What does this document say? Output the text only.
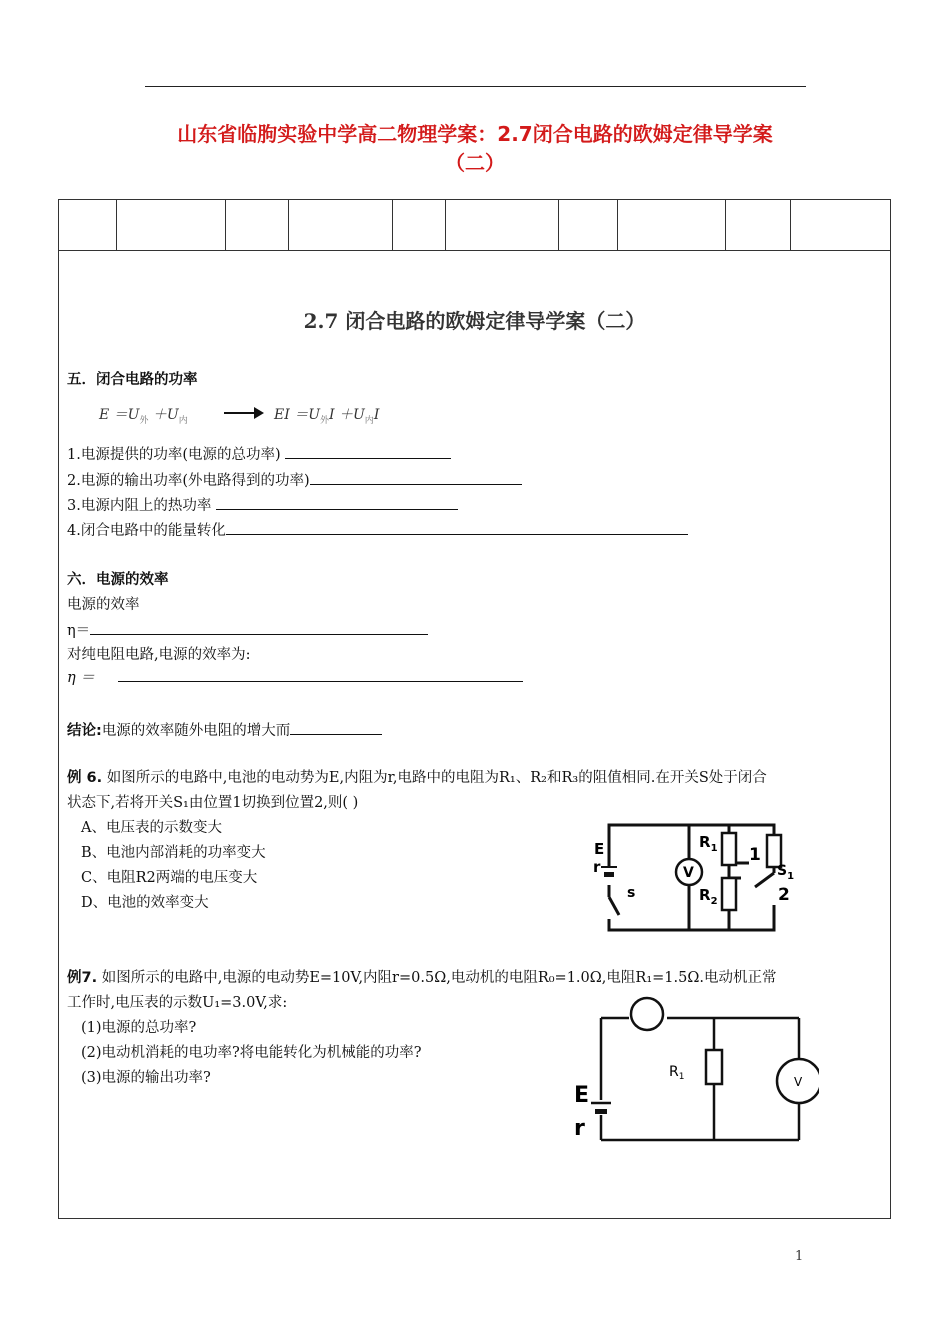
山东省临朐实验中学高二物理学案：2.7闭合电路的欧姆定律导学案
（二）
2.7 闭合电路的欧姆定律导学案（二）
五．闭合电路的功率
$E =U_外 +U_内$	EI $=U_外I +U_内I$
1.电源提供的功率(电源的总功率)
2.电源的输出功率(外电路得到的功率)
3.电源内阻上的热功率
4.闭合电路中的能量转化
六．电源的效率
电源的效率
η＝
对纯电阻电路,电源的效率为:
η ＝
结论:电源的效率随外电阻的增大而
例 6. 如图所示的电路中,电池的电动势为E,内阻为r,电路中的电阻为R₁、R₂和R₃的阻值相同.在开关S处于闭合
状态下,若将开关S₁由位置1切换到位置2,则( )
A、电压表的示数变大
B、电池内部消耗的功率变大
C、电阻R2两端的电压变大
D、电池的效率变大
E
r	V
s
$R_1$
$R_2$
$S_1$
1
2
例7. 如图所示的电路中,电源的电动势E=10V,内阻r=0.5Ω,电动机的电阻R₀=1.0Ω,电阻R₁=1.5Ω.电动机正常
工作时,电压表的示数U₁=3.0V,求:
(1)电源的总功率?
(2)电动机消耗的电功率?将电能转化为机械能的功率?
(3)电源的输出功率?
E
r
$R_1$	V
1
